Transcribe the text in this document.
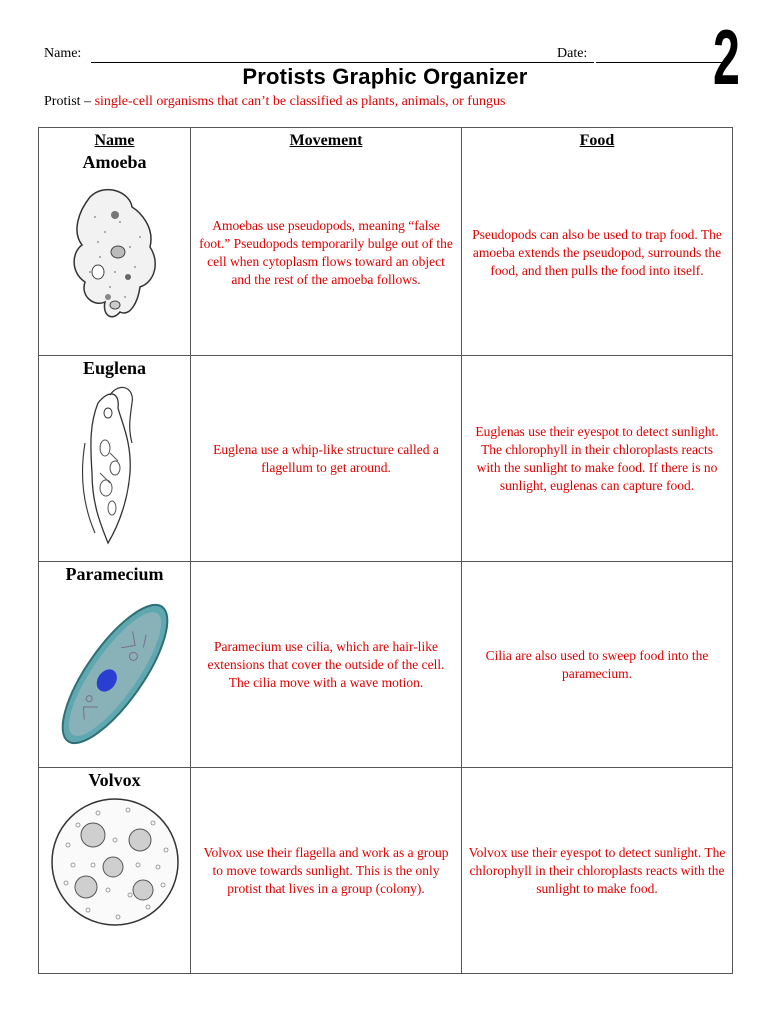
Name:	Date: 2
Protists Graphic Organizer
Protist – single-cell organisms that can’t be classified as plants, animals, or fungus
Name	Movement	Food

Amoeba	Amoebas use pseudopods, meaning “false foot.” Pseudopods temporarily bulge out of the cell when cytoplasm flows toward an object and the rest of the amoeba follows.	Pseudopods can also be used to trap food. The amoeba extends the pseudopod, surrounds the food, and then pulls the food into itself.

Euglena	Euglena use a whip-like structure called a flagellum to get around.	Euglenas use their eyespot to detect sunlight. The chlorophyll in their chloroplasts reacts with the sunlight to make food. If there is no sunlight, euglenas can capture food.

Paramecium	Paramecium use cilia, which are hair-like extensions that cover the outside of the cell. The cilia move with a wave motion.	Cilia are also used to sweep food into the paramecium.

Volvox	Volvox use their flagella and work as a group to move towards sunlight. This is the only protist that lives in a group (colony).	Volvox use their eyespot to detect sunlight. The chlorophyll in their chloroplasts reacts with the sunlight to make food.
